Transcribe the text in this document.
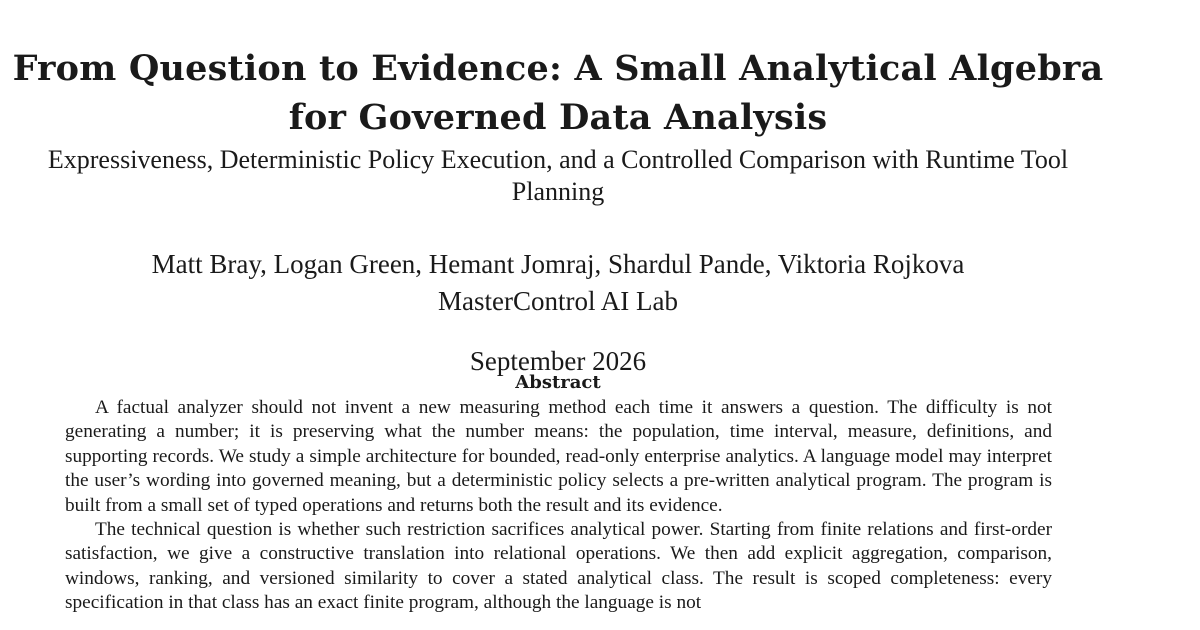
From Question to Evidence: A Small Analytical Algebra for Governed Data Analysis
Expressiveness, Deterministic Policy Execution, and a Controlled Comparison with Runtime Tool Planning
Matt Bray, Logan Green, Hemant Jomraj, Shardul Pande, Viktoria Rojkova
MasterControl AI Lab
September 2026
Abstract

A factual analyzer should not invent a new measuring method each time it answers a question. The difficulty is not generating a number; it is preserving what the number means: the population, time interval, measure, definitions, and supporting records. We study a simple architecture for bounded, read-only enterprise analytics. A language model may interpret the user’s wording into governed meaning, but a deterministic policy selects a pre-written analytical program. The program is built from a small set of typed operations and returns both the result and its evidence.

The technical question is whether such restriction sacrifices analytical power. Starting from finite relations and first-order satisfaction, we give a constructive translation into relational operations. We then add explicit aggregation, comparison, windows, ranking, and versioned similarity to cover a stated analytical class. The result is scoped completeness: every specification in that class has an exact finite program, although the language is not
